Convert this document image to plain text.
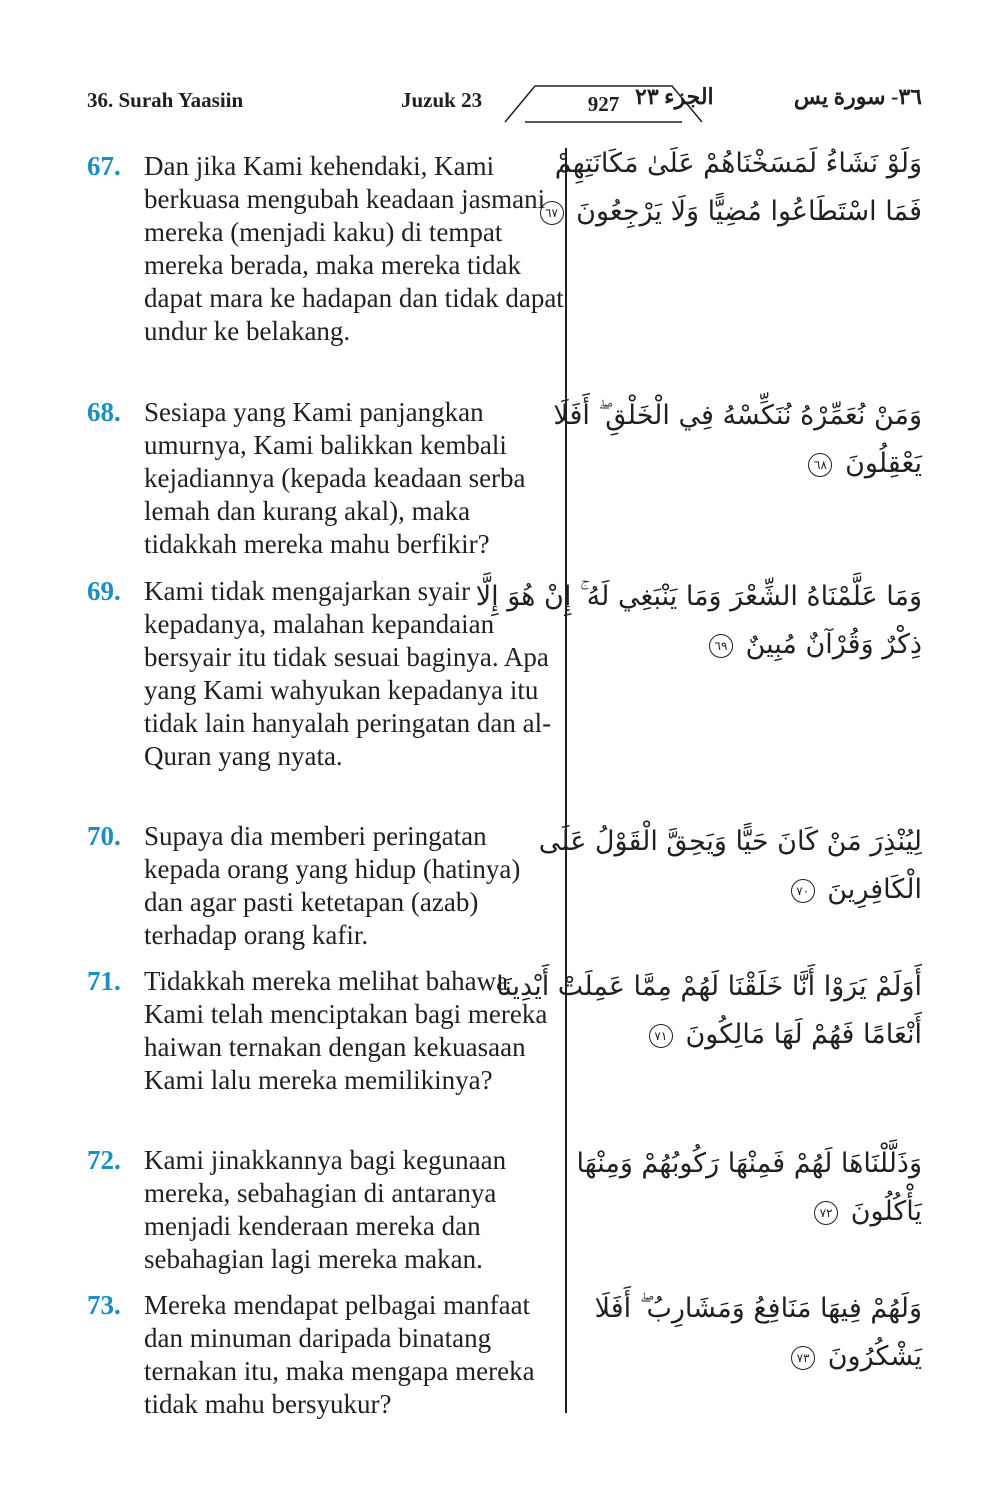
36. Surah Yaasiin	Juzuk 23	927 الجزء ٢٣	٣٦- سورة يس
67. Dan jika Kami kehendaki, Kami berkuasa mengubah keadaan jasmani mereka (menjadi kaku) di tempat mereka berada, maka mereka tidak dapat mara ke hadapan dan tidak dapat undur ke belakang.

وَلَوْ نَشَاءُ لَمَسَخْنَاهُمْ عَلَىٰ مَكَانَتِهِمْ
فَمَا اسْتَطَاعُوا مُضِيًّا وَلَا يَرْجِعُونَ ٦٧
68. Sesiapa yang Kami panjangkan umurnya, Kami balikkan kembali kejadiannya (kepada keadaan serba lemah dan kurang akal), maka tidakkah mereka mahu berfikir?

وَمَنْ نُعَمِّرْهُ نُنَكِّسْهُ فِي الْخَلْقِ ۖ أَفَلَا
يَعْقِلُونَ ٦٨
69. Kami tidak mengajarkan syair kepadanya, malahan kepandaian bersyair itu tidak sesuai baginya. Apa yang Kami wahyukan kepadanya itu tidak lain hanyalah peringatan dan al-Quran yang nyata.

وَمَا عَلَّمْنَاهُ الشِّعْرَ وَمَا يَنْبَغِي لَهُ ۚ إِنْ هُوَ إِلَّا
ذِكْرٌ وَقُرْآنٌ مُبِينٌ ٦٩
70. Supaya dia memberi peringatan kepada orang yang hidup (hatinya) dan agar pasti ketetapan (azab) terhadap orang kafir.

لِيُنْذِرَ مَنْ كَانَ حَيًّا وَيَحِقَّ الْقَوْلُ عَلَى
الْكَافِرِينَ ٧٠
71. Tidakkah mereka melihat bahawa Kami telah menciptakan bagi mereka haiwan ternakan dengan kekuasaan Kami lalu mereka memilikinya?

أَوَلَمْ يَرَوْا أَنَّا خَلَقْنَا لَهُمْ مِمَّا عَمِلَتْ أَيْدِينَا
أَنْعَامًا فَهُمْ لَهَا مَالِكُونَ ٧١
72. Kami jinakkannya bagi kegunaan mereka, sebahagian di antaranya menjadi kenderaan mereka dan sebahagian lagi mereka makan.

وَذَلَّلْنَاهَا لَهُمْ فَمِنْهَا رَكُوبُهُمْ وَمِنْهَا
يَأْكُلُونَ ٧٢
73. Mereka mendapat pelbagai manfaat dan minuman daripada binatang ternakan itu, maka mengapa mereka tidak mahu bersyukur?

وَلَهُمْ فِيهَا مَنَافِعُ وَمَشَارِبُ ۖ أَفَلَا
يَشْكُرُونَ ٧٣
